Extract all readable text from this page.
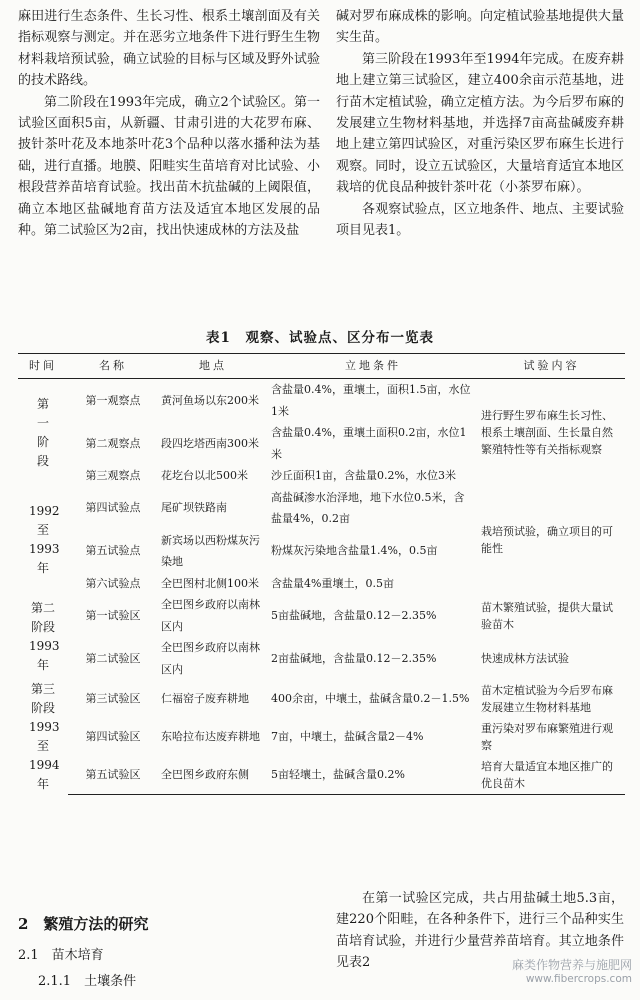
麻田进行生态条件、生长习性、根系土壤剖面及有关指标观察与测定。并在恶劣立地条件下进行野生生物材料栽培预试验，确立试验的目标与区域及野外试验的技术路线。

第二阶段在1993年完成，确立2个试验区。第一试验区面积5亩，从新疆、甘肃引进的大花罗布麻、披针茶叶花及本地茶叶花3个品种以落水播种法为基础，进行直播。地膜、阳畦实生苗培育对比试验、小根段营养苗培育试验。找出苗木抗盐碱的上阈限值，确立本地区盐碱地育苗方法及适宜本地区发展的品种。第二试验区为2亩，找出快速成林的方法及盐

碱对罗布麻成株的影响。向定植试验基地提供大量实生苗。

第三阶段在1993年至1994年完成。在废弃耕地上建立第三试验区，建立400余亩示范基地，进行苗木定植试验，确立定植方法。为今后罗布麻的发展建立生物材料基地，并选择7亩高盐碱废弃耕地上建立第四试验区，对重污染区罗布麻生长进行观察。同时，设立五试验区，大量培育适宜本地区栽培的优良品种披针茶叶花（小茶罗布麻）。

各观察试验点，区立地条件、地点、主要试验项目见表1。

表1　观察、试验点、区分布一览表
时间	名称	地点	立地条件	试验内容
第一阶段	第一观察点	黄河鱼场以东200米	含盐量0.4%，重壤土，面积1.5亩，水位1米	进行野生罗布麻生长习性、根系土壤剖面、生长量自然繁殖特性等有关指标观察
	第二观察点	段四圪塔西南300米	含盐量0.4%，重壤土面积0.2亩，水位1米	
	第三观察点	花圪台以北500米	沙丘面积1亩，含盐量0.2%，水位3米	
1992至1993年	第四试验点	尾矿坝铁路南	高盐碱渗水治泽地，地下水位0.5米，含盐量4%，0.2亩	栽培预试验，确立项目的可能性
	第五试验点	新宾场以西粉煤灰污染地	粉煤灰污染地含盐量1.4%，0.5亩	
	第六试验点	全巴图村北侧100米	含盐量4%重壤土，0.5亩	
第二阶段1993年	第一试验区	全巴图乡政府以南林区内	5亩盐碱地，含盐量0.12－2.35%	苗木繁殖试验，提供大量试验苗木
	第二试验区	全巴图乡政府以南林区内	2亩盐碱地，含盐量0.12－2.35%	快速成林方法试验
第三阶段1993至1994年	第三试验区	仁福窑子废弃耕地	400余亩，中壤土，盐碱含量0.2－1.5%	苗木定植试验为今后罗布麻发展建立生物材料基地
	第四试验区	东哈拉布达废弃耕地	7亩，中壤土，盐碱含量2－4%	重污染对罗布麻繁殖进行观察
	第五试验区	全巴图乡政府东侧	5亩轻壤土，盐碱含量0.2%	培育大量适宜本地区推广的优良苗木

在第一试验区完成，共占用盐碱土地5.3亩，建220个阳畦，在各种条件下，进行三个品种实生苗培育试验，并进行少量营养苗培育。其立地条件见表2

2　繁殖方法的研究
2.1　苗木培育
2.1.1　土壤条件
麻类作物营养与施肥网
www.fibercrops.com
